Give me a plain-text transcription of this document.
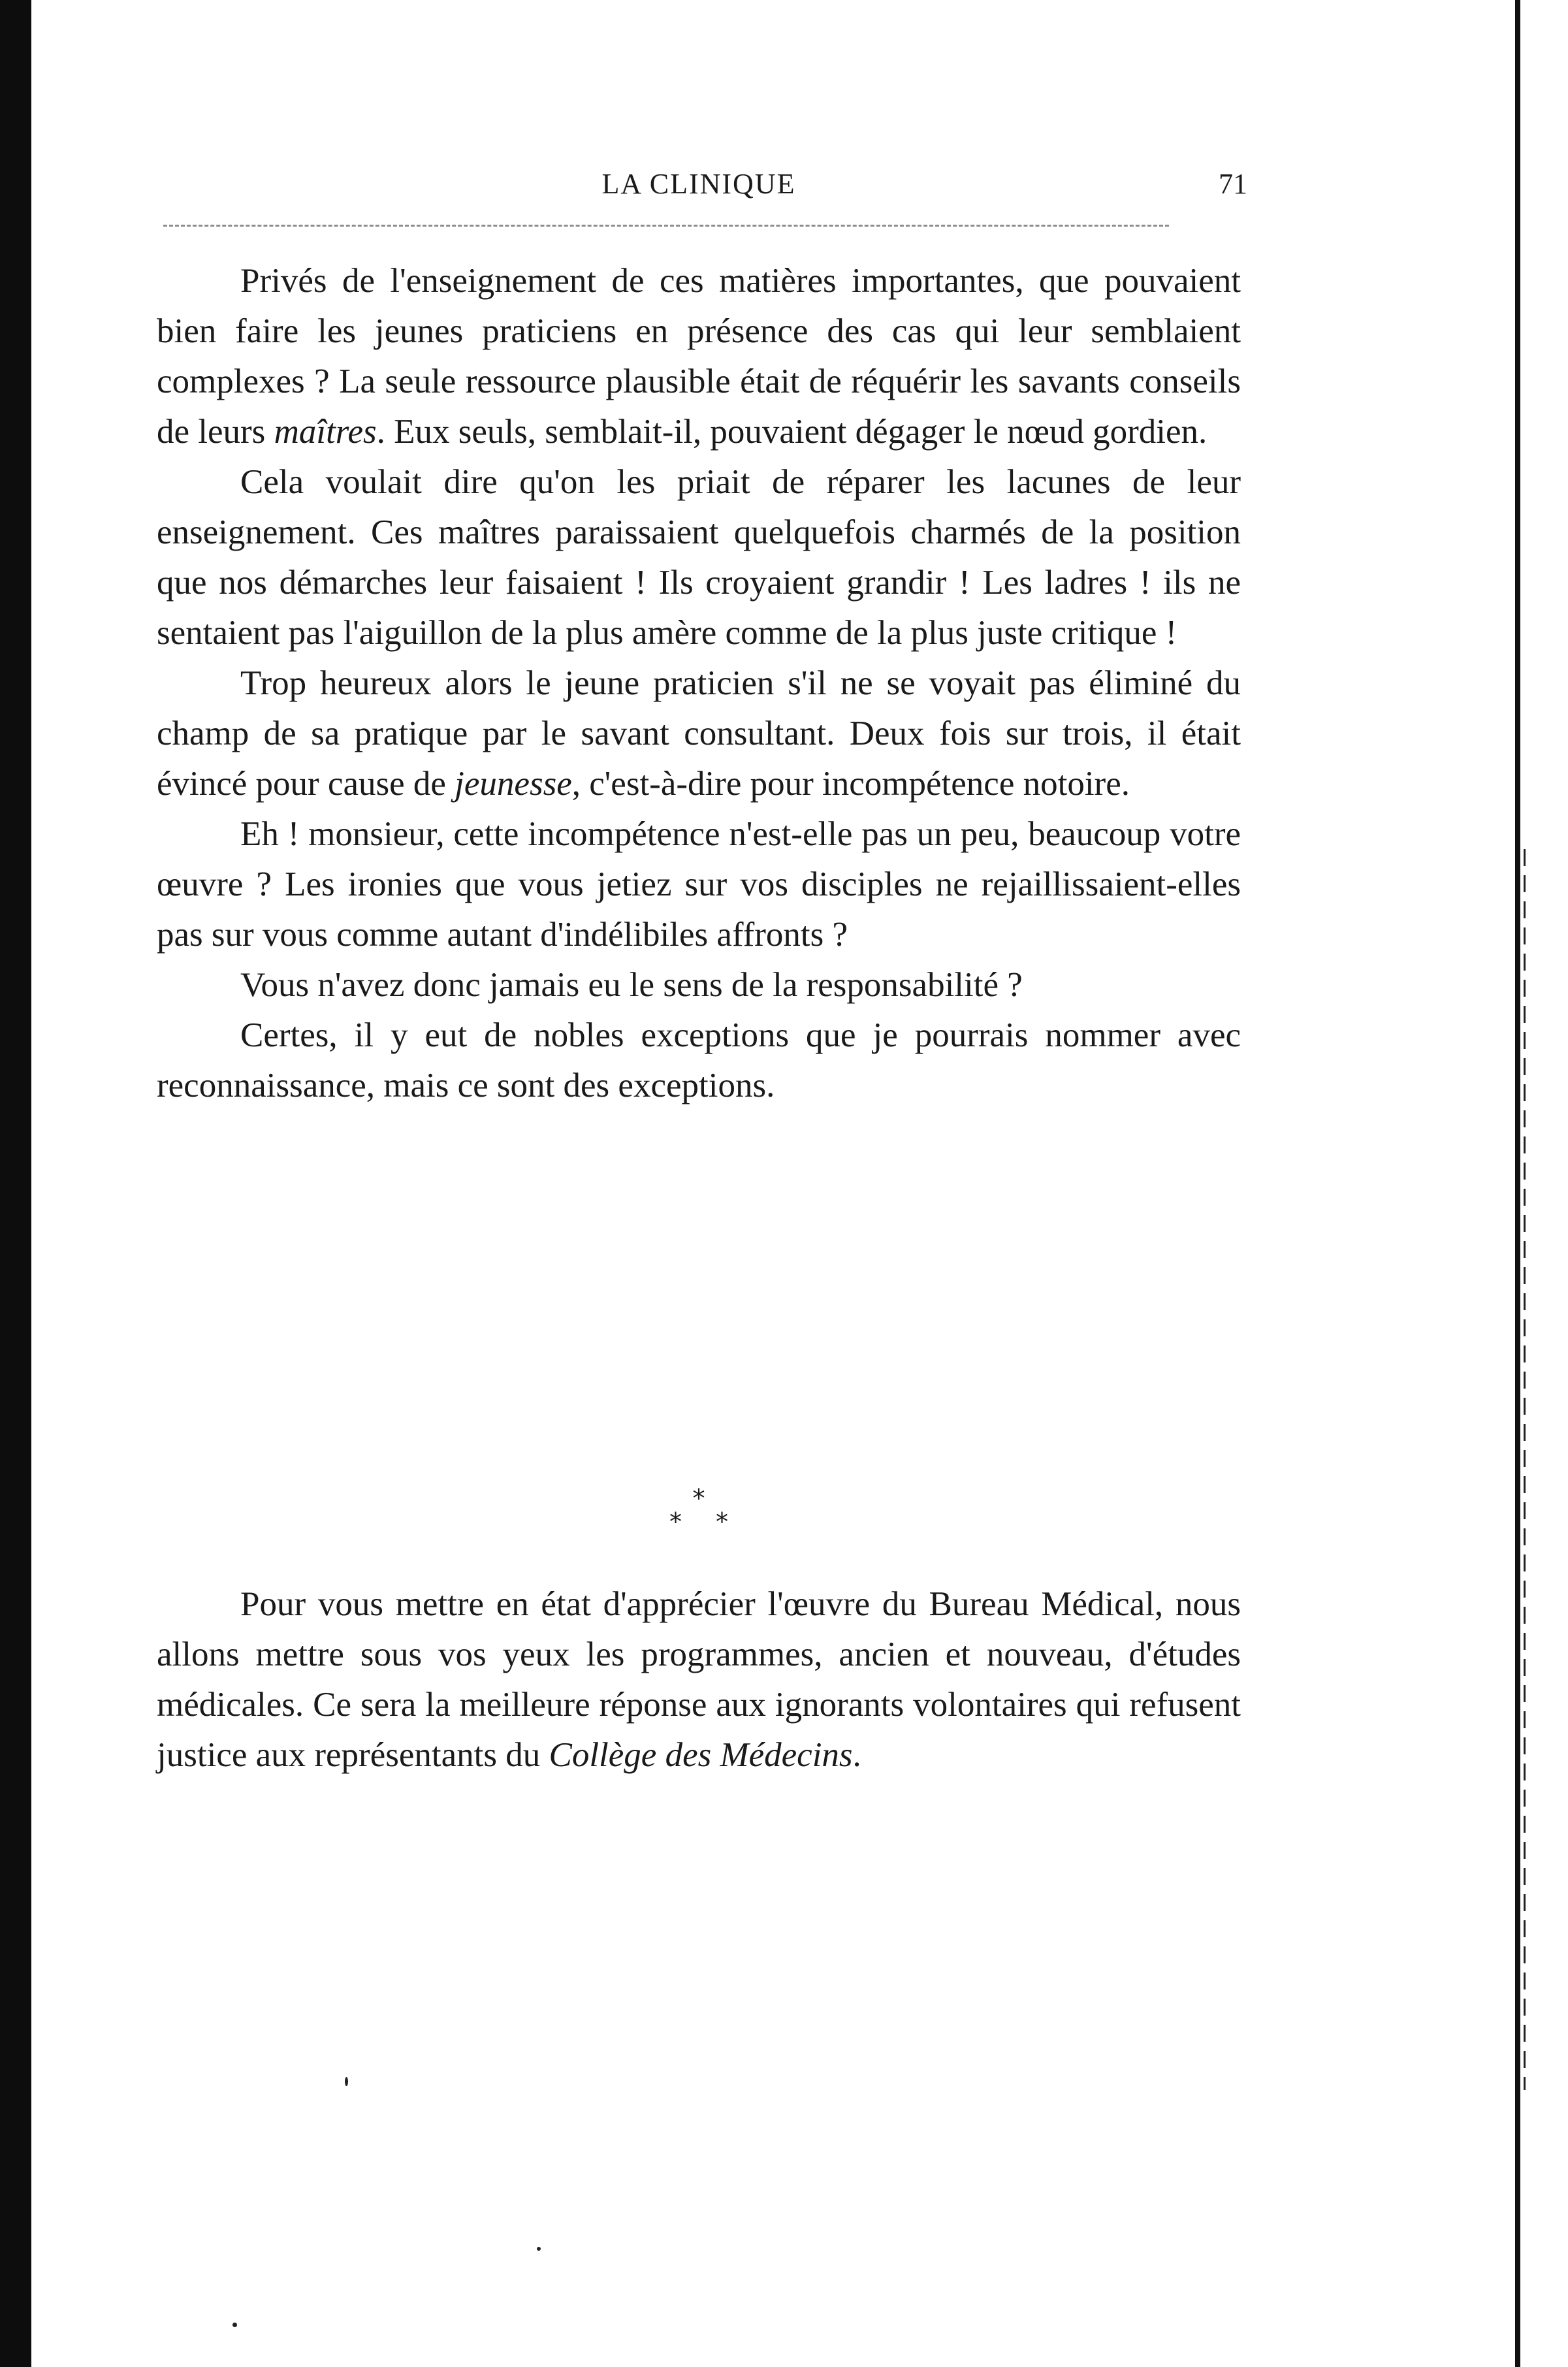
LA CLINIQUE	71

Privés de l'enseignement de ces matières importantes, que pouvaient bien faire les jeunes praticiens en présence des cas qui leur semblaient complexes ? La seule ressource plausible était de réquérir les savants conseils de leurs maîtres. Eux seuls, semblait-il, pouvaient dégager le nœud gordien.

Cela voulait dire qu'on les priait de réparer les lacunes de leur enseignement. Ces maîtres paraissaient quelquefois charmés de la position que nos démarches leur faisaient ! Ils croyaient grandir ! Les ladres ! ils ne sentaient pas l'aiguillon de la plus amère comme de la plus juste critique !

Trop heureux alors le jeune praticien s'il ne se voyait pas éliminé du champ de sa pratique par le savant consultant. Deux fois sur trois, il était évincé pour cause de jeunesse, c'est-à-dire pour incompétence notoire.

Eh ! monsieur, cette incompétence n'est-elle pas un peu, beaucoup votre œuvre ? Les ironies que vous jetiez sur vos disciples ne rejaillissaient-elles pas sur vous comme autant d'indélibiles affronts ?

Vous n'avez donc jamais eu le sens de la responsabilité ?

Certes, il y eut de nobles exceptions que je pourrais nommer avec reconnaissance, mais ce sont des exceptions.

*
* *

Pour vous mettre en état d'apprécier l'œuvre du Bureau Médical, nous allons mettre sous vos yeux les programmes, ancien et nouveau, d'études médicales. Ce sera la meilleure réponse aux ignorants volontaires qui refusent justice aux représentants du Collège des Médecins.
